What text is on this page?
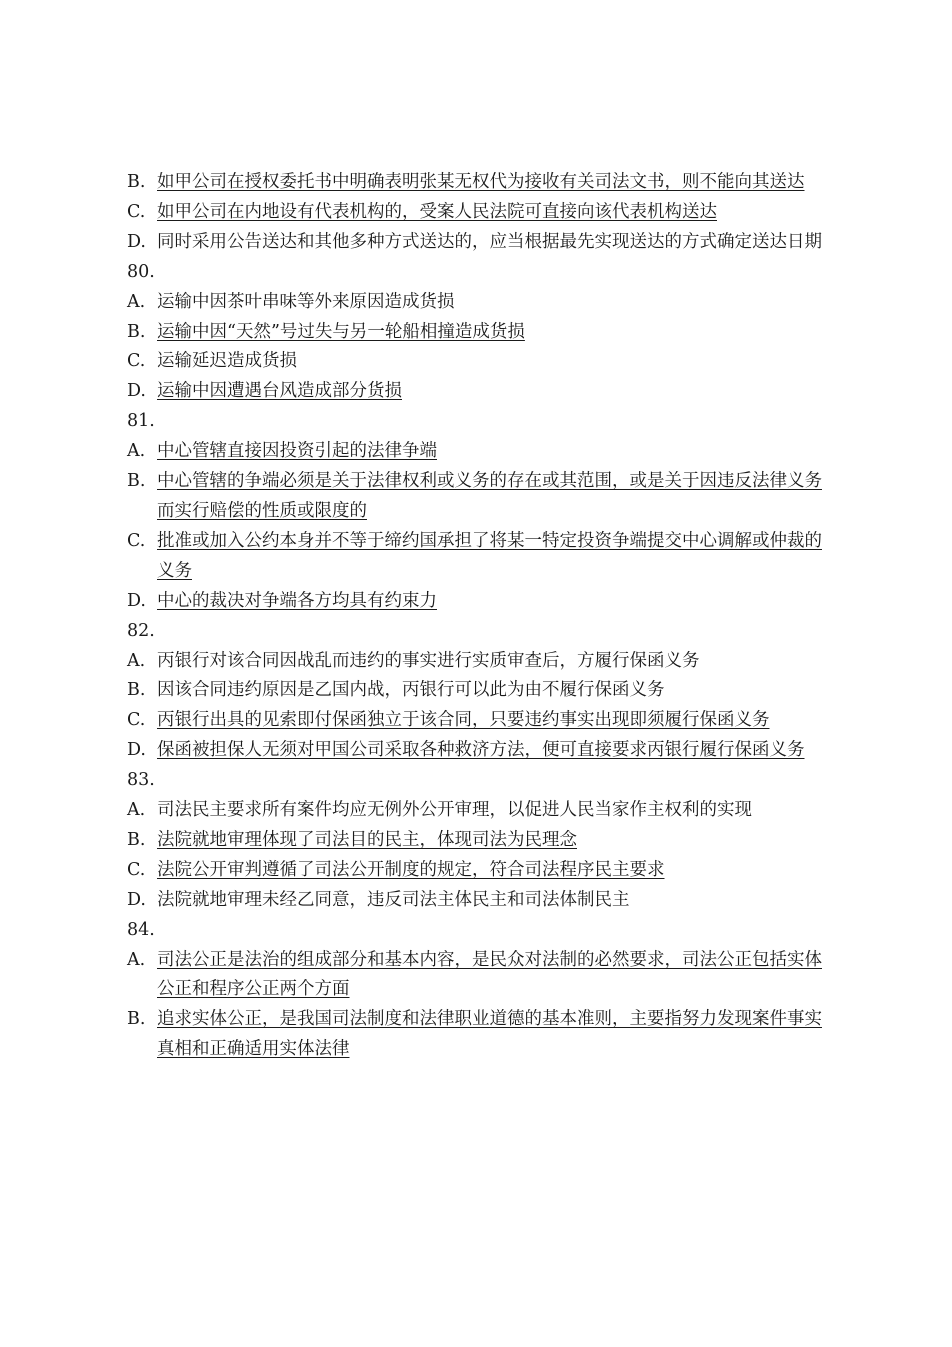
B. 如甲公司在授权委托书中明确表明张某无权代为接收有关司法文书，则不能向其送达
C. 如甲公司在内地设有代表机构的，受案人民法院可直接向该代表机构送达
D. 同时采用公告送达和其他多种方式送达的，应当根据最先实现送达的方式确定送达日期
80.
A. 运输中因茶叶串味等外来原因造成货损
B. 运输中因“天然”号过失与另一轮船相撞造成货损
C. 运输延迟造成货损
D. 运输中因遭遇台风造成部分货损
81.
A. 中心管辖直接因投资引起的法律争端
B. 中心管辖的争端必须是关于法律权利或义务的存在或其范围，或是关于因违反法律义务而实行赔偿的性质或限度的
C. 批准或加入公约本身并不等于缔约国承担了将某一特定投资争端提交中心调解或仲裁的义务
D. 中心的裁决对争端各方均具有约束力
82.
A. 丙银行对该合同因战乱而违约的事实进行实质审查后，方履行保函义务
B. 因该合同违约原因是乙国内战，丙银行可以此为由不履行保函义务
C. 丙银行出具的见索即付保函独立于该合同，只要违约事实出现即须履行保函义务
D. 保函被担保人无须对甲国公司采取各种救济方法，便可直接要求丙银行履行保函义务
83.
A. 司法民主要求所有案件均应无例外公开审理，以促进人民当家作主权利的实现
B. 法院就地审理体现了司法目的民主，体现司法为民理念
C. 法院公开审判遵循了司法公开制度的规定，符合司法程序民主要求
D. 法院就地审理未经乙同意，违反司法主体民主和司法体制民主
84.
A. 司法公正是法治的组成部分和基本内容，是民众对法制的必然要求，司法公正包括实体公正和程序公正两个方面
B. 追求实体公正，是我国司法制度和法律职业道德的基本准则，主要指努力发现案件事实真相和正确适用实体法律
